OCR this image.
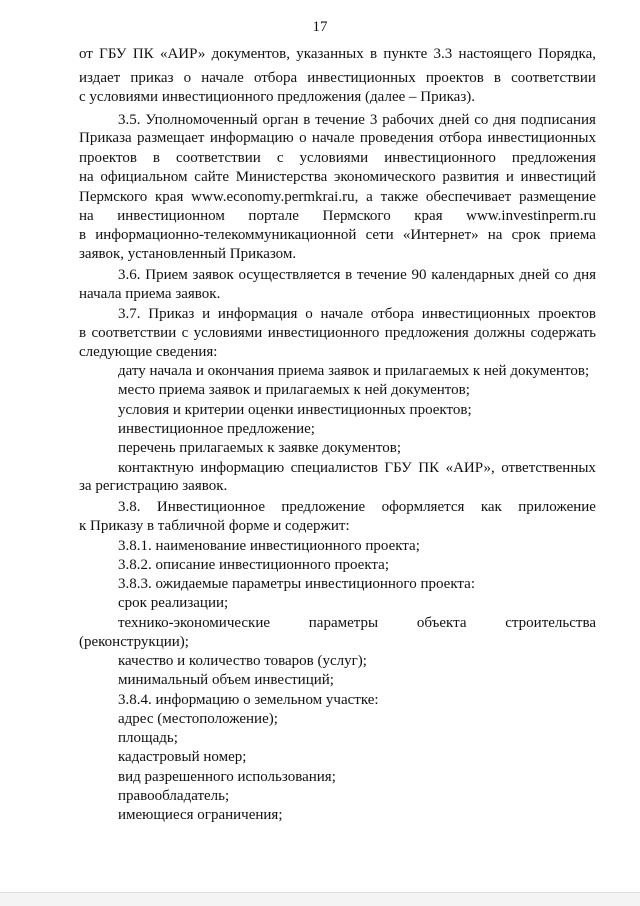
17
от ГБУ ПК «АИР» документов, указанных в пункте 3.3 настоящего Порядка,
издает приказ о начале отбора инвестиционных проектов в соответствии
с условиями инвестиционного предложения (далее – Приказ).
3.5. Уполномоченный орган в течение 3 рабочих дней со дня подписания
Приказа размещает информацию о начале проведения отбора инвестиционных
проектов в соответствии с условиями инвестиционного предложения
на официальном сайте Министерства экономического развития и инвестиций
Пермского края www.economy.permkrai.ru, а также обеспечивает размещение
на инвестиционном портале Пермского края www.investinperm.ru
в информационно-телекоммуникационной сети «Интернет» на срок приема
заявок, установленный Приказом.
3.6. Прием заявок осуществляется в течение 90 календарных дней со дня
начала приема заявок.
3.7. Приказ и информация о начале отбора инвестиционных проектов
в соответствии с условиями инвестиционного предложения должны содержать
следующие сведения:
дату начала и окончания приема заявок и прилагаемых к ней документов;
место приема заявок и прилагаемых к ней документов;
условия и критерии оценки инвестиционных проектов;
инвестиционное предложение;
перечень прилагаемых к заявке документов;
контактную информацию специалистов ГБУ ПК «АИР», ответственных
за регистрацию заявок.
3.8. Инвестиционное предложение оформляется как приложение
к Приказу в табличной форме и содержит:
3.8.1. наименование инвестиционного проекта;
3.8.2. описание инвестиционного проекта;
3.8.3. ожидаемые параметры инвестиционного проекта:
срок реализации;
технико-экономические	параметры	объекта	строительства
(реконструкции);
качество и количество товаров (услуг);
минимальный объем инвестиций;
3.8.4. информацию о земельном участке:
адрес (местоположение);
площадь;
кадастровый номер;
вид разрешенного использования;
правообладатель;
имеющиеся ограничения;
